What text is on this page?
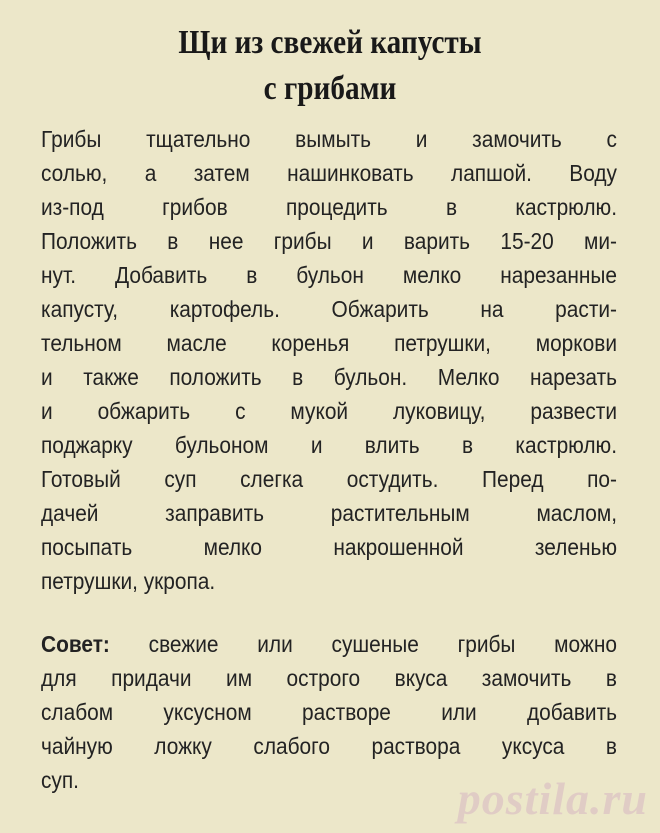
Щи из свежей капусты
с грибами
Грибы тщательно вымыть и замочить с
солью, а затем нашинковать лапшой. Воду
из-под грибов процедить в кастрюлю.
Положить в нее грибы и варить 15-20 ми-
нут. Добавить в бульон мелко нарезанные
капусту, картофель. Обжарить на расти-
тельном масле коренья петрушки, моркови
и также положить в бульон. Мелко нарезать
и обжарить с мукой луковицу, развести
поджарку бульоном и влить в кастрюлю.
Готовый суп слегка остудить. Перед по-
дачей заправить растительным маслом,
посыпать мелко накрошенной зеленью
петрушки, укропа.
Совет: свежие или сушеные грибы можно
для придачи им острого вкуса замочить в
слабом уксусном растворе или добавить
чайную ложку слабого раствора уксуса в
суп.	postila.ru
